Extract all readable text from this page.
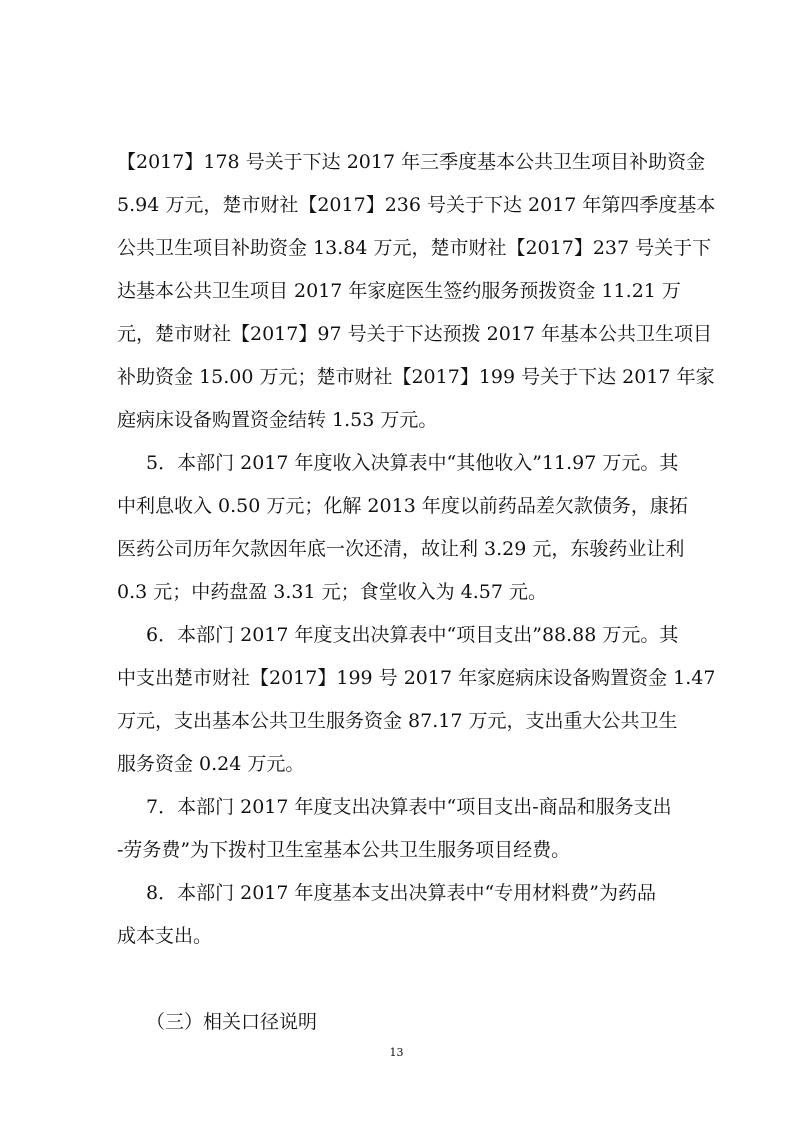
【2017】178 号关于下达 2017 年三季度基本公共卫生项目补助资金
5.94 万元，楚市财社【2017】236 号关于下达 2017 年第四季度基本
公共卫生项目补助资金 13.84 万元，楚市财社【2017】237 号关于下
达基本公共卫生项目 2017 年家庭医生签约服务预拨资金 11.21 万
元，楚市财社【2017】97 号关于下达预拨 2017 年基本公共卫生项目
补助资金 15.00 万元；楚市财社【2017】199 号关于下达 2017 年家
庭病床设备购置资金结转 1.53 万元。
5．本部门 2017 年度收入决算表中“其他收入”11.97 万元。其
中利息收入 0.50 万元；化解 2013 年度以前药品差欠款债务，康拓
医药公司历年欠款因年底一次还清，故让利 3.29 元，东骏药业让利
0.3 元；中药盘盈 3.31 元；食堂收入为 4.57 元。
6．本部门 2017 年度支出决算表中“项目支出”88.88 万元。其
中支出楚市财社【2017】199 号 2017 年家庭病床设备购置资金 1.47
万元，支出基本公共卫生服务资金 87.17 万元，支出重大公共卫生
服务资金 0.24 万元。
7．本部门 2017 年度支出决算表中“项目支出-商品和服务支出
-劳务费”为下拨村卫生室基本公共卫生服务项目经费。
8．本部门 2017 年度基本支出决算表中“专用材料费”为药品
成本支出。
（三）相关口径说明
13
